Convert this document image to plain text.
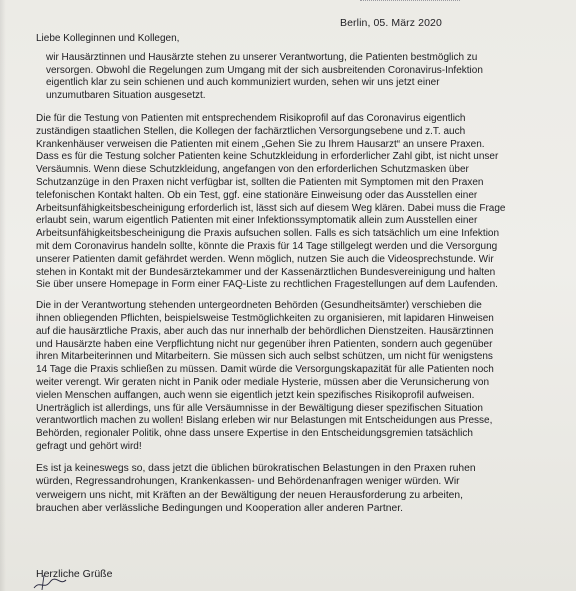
Berlin, 05. März 2020

Liebe Kolleginnen und Kollegen,

wir Hausärztinnen und Hausärzte stehen zu unserer Verantwortung, die Patienten bestmöglich zu versorgen. Obwohl die Regelungen zum Umgang mit der sich ausbreitenden Coronavirus-Infektion eigentlich klar zu sein schienen und auch kommuniziert wurden, sehen wir uns jetzt einer unzumutbaren Situation ausgesetzt.

Die für die Testung von Patienten mit entsprechendem Risikoprofil auf das Coronavirus eigentlich zuständigen staatlichen Stellen, die Kollegen der fachärztlichen Versorgungsebene und z.T. auch Krankenhäuser verweisen die Patienten mit einem „Gehen Sie zu Ihrem Hausarzt“ an unsere Praxen. Dass es für die Testung solcher Patienten keine Schutzkleidung in erforderlicher Zahl gibt, ist nicht unser Versäumnis. Wenn diese Schutzkleidung, angefangen von den erforderlichen Schutzmasken über Schutzanzüge in den Praxen nicht verfügbar ist, sollten die Patienten mit Symptomen mit den Praxen telefonischen Kontakt halten. Ob ein Test, ggf. eine stationäre Einweisung oder das Ausstellen einer Arbeitsunfähigkeitsbescheinigung erforderlich ist, lässt sich auf diesem Weg klären. Dabei muss die Frage erlaubt sein, warum eigentlich Patienten mit einer Infektionssymptomatik allein zum Ausstellen einer Arbeitsunfähigkeitsbescheinigung die Praxis aufsuchen sollen. Falls es sich tatsächlich um eine Infektion mit dem Coronavirus handeln sollte, könnte die Praxis für 14 Tage stillgelegt werden und die Versorgung unserer Patienten damit gefährdet werden. Wenn möglich, nutzen Sie auch die Videosprechstunde. Wir stehen in Kontakt mit der Bundesärztekammer und der Kassenärztlichen Bundesvereinigung und halten Sie über unsere Homepage in Form einer FAQ-Liste zu rechtlichen Fragestellungen auf dem Laufenden.

Die in der Verantwortung stehenden untergeordneten Behörden (Gesundheitsämter) verschieben die ihnen obliegenden Pflichten, beispielsweise Testmöglichkeiten zu organisieren, mit lapidaren Hinweisen auf die hausärztliche Praxis, aber auch das nur innerhalb der behördlichen Dienstzeiten. Hausärztinnen und Hausärzte haben eine Verpflichtung nicht nur gegenüber ihren Patienten, sondern auch gegenüber ihren Mitarbeiterinnen und Mitarbeitern. Sie müssen sich auch selbst schützen, um nicht für wenigstens 14 Tage die Praxis schließen zu müssen. Damit würde die Versorgungskapazität für alle Patienten noch weiter verengt. Wir geraten nicht in Panik oder mediale Hysterie, müssen aber die Verunsicherung von vielen Menschen auffangen, auch wenn sie eigentlich jetzt kein spezifisches Risikoprofil aufweisen. Unerträglich ist allerdings, uns für alle Versäumnisse in der Bewältigung dieser spezifischen Situation verantwortlich machen zu wollen! Bislang erleben wir nur Belastungen mit Entscheidungen aus Presse, Behörden, regionaler Politik, ohne dass unsere Expertise in den Entscheidungsgremien tatsächlich gefragt und gehört wird!

Es ist ja keineswegs so, dass jetzt die üblichen bürokratischen Belastungen in den Praxen ruhen würden, Regressandrohungen, Krankenkassen- und Behördenanfragen weniger würden. Wir verweigern uns nicht, mit Kräften an der Bewältigung der neuen Herausforderung zu arbeiten, brauchen aber verlässliche Bedingungen und Kooperation aller anderen Partner.

Herzliche Grüße
